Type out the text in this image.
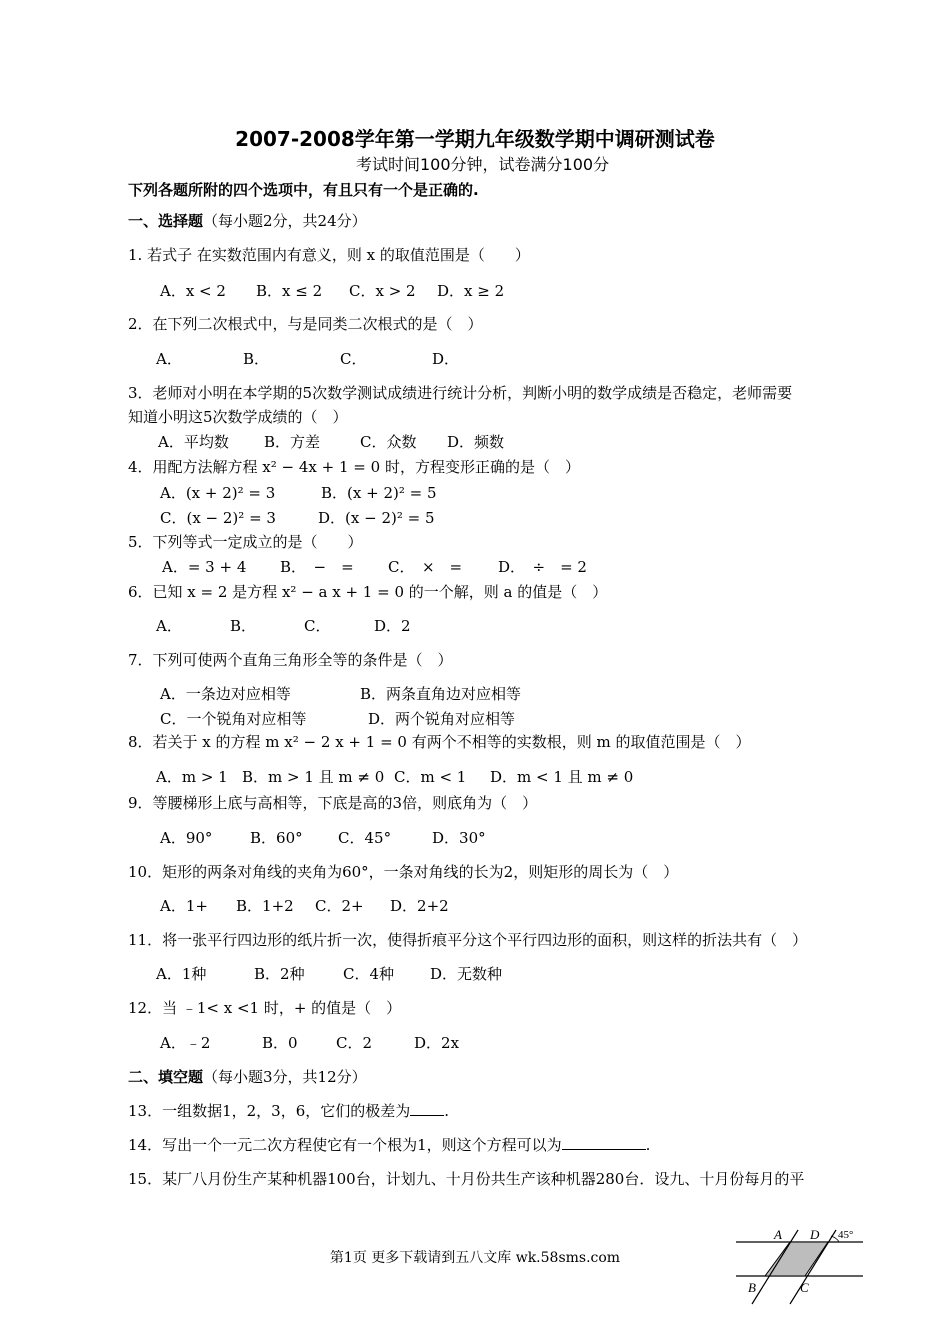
2007-2008学年第一学期九年级数学期中调研测试卷
考试时间100分钟，试卷满分100分
下列各题所附的四个选项中，有且只有一个是正确的.
一、选择题（每小题2分，共24分）
1. 若式子 在实数范围内有意义，则 x 的取值范围是（　　）
A．x < 2 B．x ≤ 2 C．x > 2 D．x ≥ 2
2．在下列二次根式中，与是同类二次根式的是（　）
A．	B．	C．	D．
3．老师对小明在本学期的5次数学测试成绩进行统计分析，判断小明的数学成绩是否稳定，老师需要
知道小明这5次数学成绩的（　）
A．平均数 B．方差	C．众数 D．频数
4．用配方法解方程 x² − 4x + 1 = 0 时，方程变形正确的是（　）
A．(x + 2)² = 3	B．(x + 2)² = 5
C．(x − 2)² = 3	D．(x − 2)² = 5
5．下列等式一定成立的是（　　）
A．= 3 + 4 B．　−　= C．　×　= D．　÷　= 2
6．已知 x = 2 是方程 x² − a x + 1 = 0 的一个解，则 a 的值是（　）
A．	B．	C．	D．2
7．下列可使两个直角三角形全等的条件是（　）
A．一条边对应相等	B．两条直角边对应相等
C．一个锐角对应相等	D．两个锐角对应相等
8．若关于 x 的方程 m x² − 2 x + 1 = 0 有两个不相等的实数根，则 m 的取值范围是（　）
A．m > 1 B．m > 1 且 m ≠ 0 C．m < 1 D．m < 1 且 m ≠ 0
9．等腰梯形上底与高相等，下底是高的3倍，则底角为（　）
A．90°	B．60° C．45°	D．30°
10．矩形的两条对角线的夹角为60°，一条对角线的长为2，则矩形的周长为（　）
A．1+ B．1+2 C．2+ D．2+2
11．将一张平行四边形的纸片折一次，使得折痕平分这个平行四边形的面积，则这样的折法共有（　）
A．1种	B．2种	C．4种 D．无数种
12．当 ﹣1< x <1 时，+ 的值是（　）
A．﹣2	B．0	C．2	D．2x
二、填空题（每小题3分，共12分）
13．一组数据1，2，3，6，它们的极差为 .
14．写出一个一元二次方程使它有一个根为1，则这个方程可以为	.
15．某厂八月份生产某种机器100台，计划九、十月份共生产该种机器280台．设九、十月份每月的平
A D 45°
B	C
第1页 更多下载请到五八文库 wk.58sms.com
